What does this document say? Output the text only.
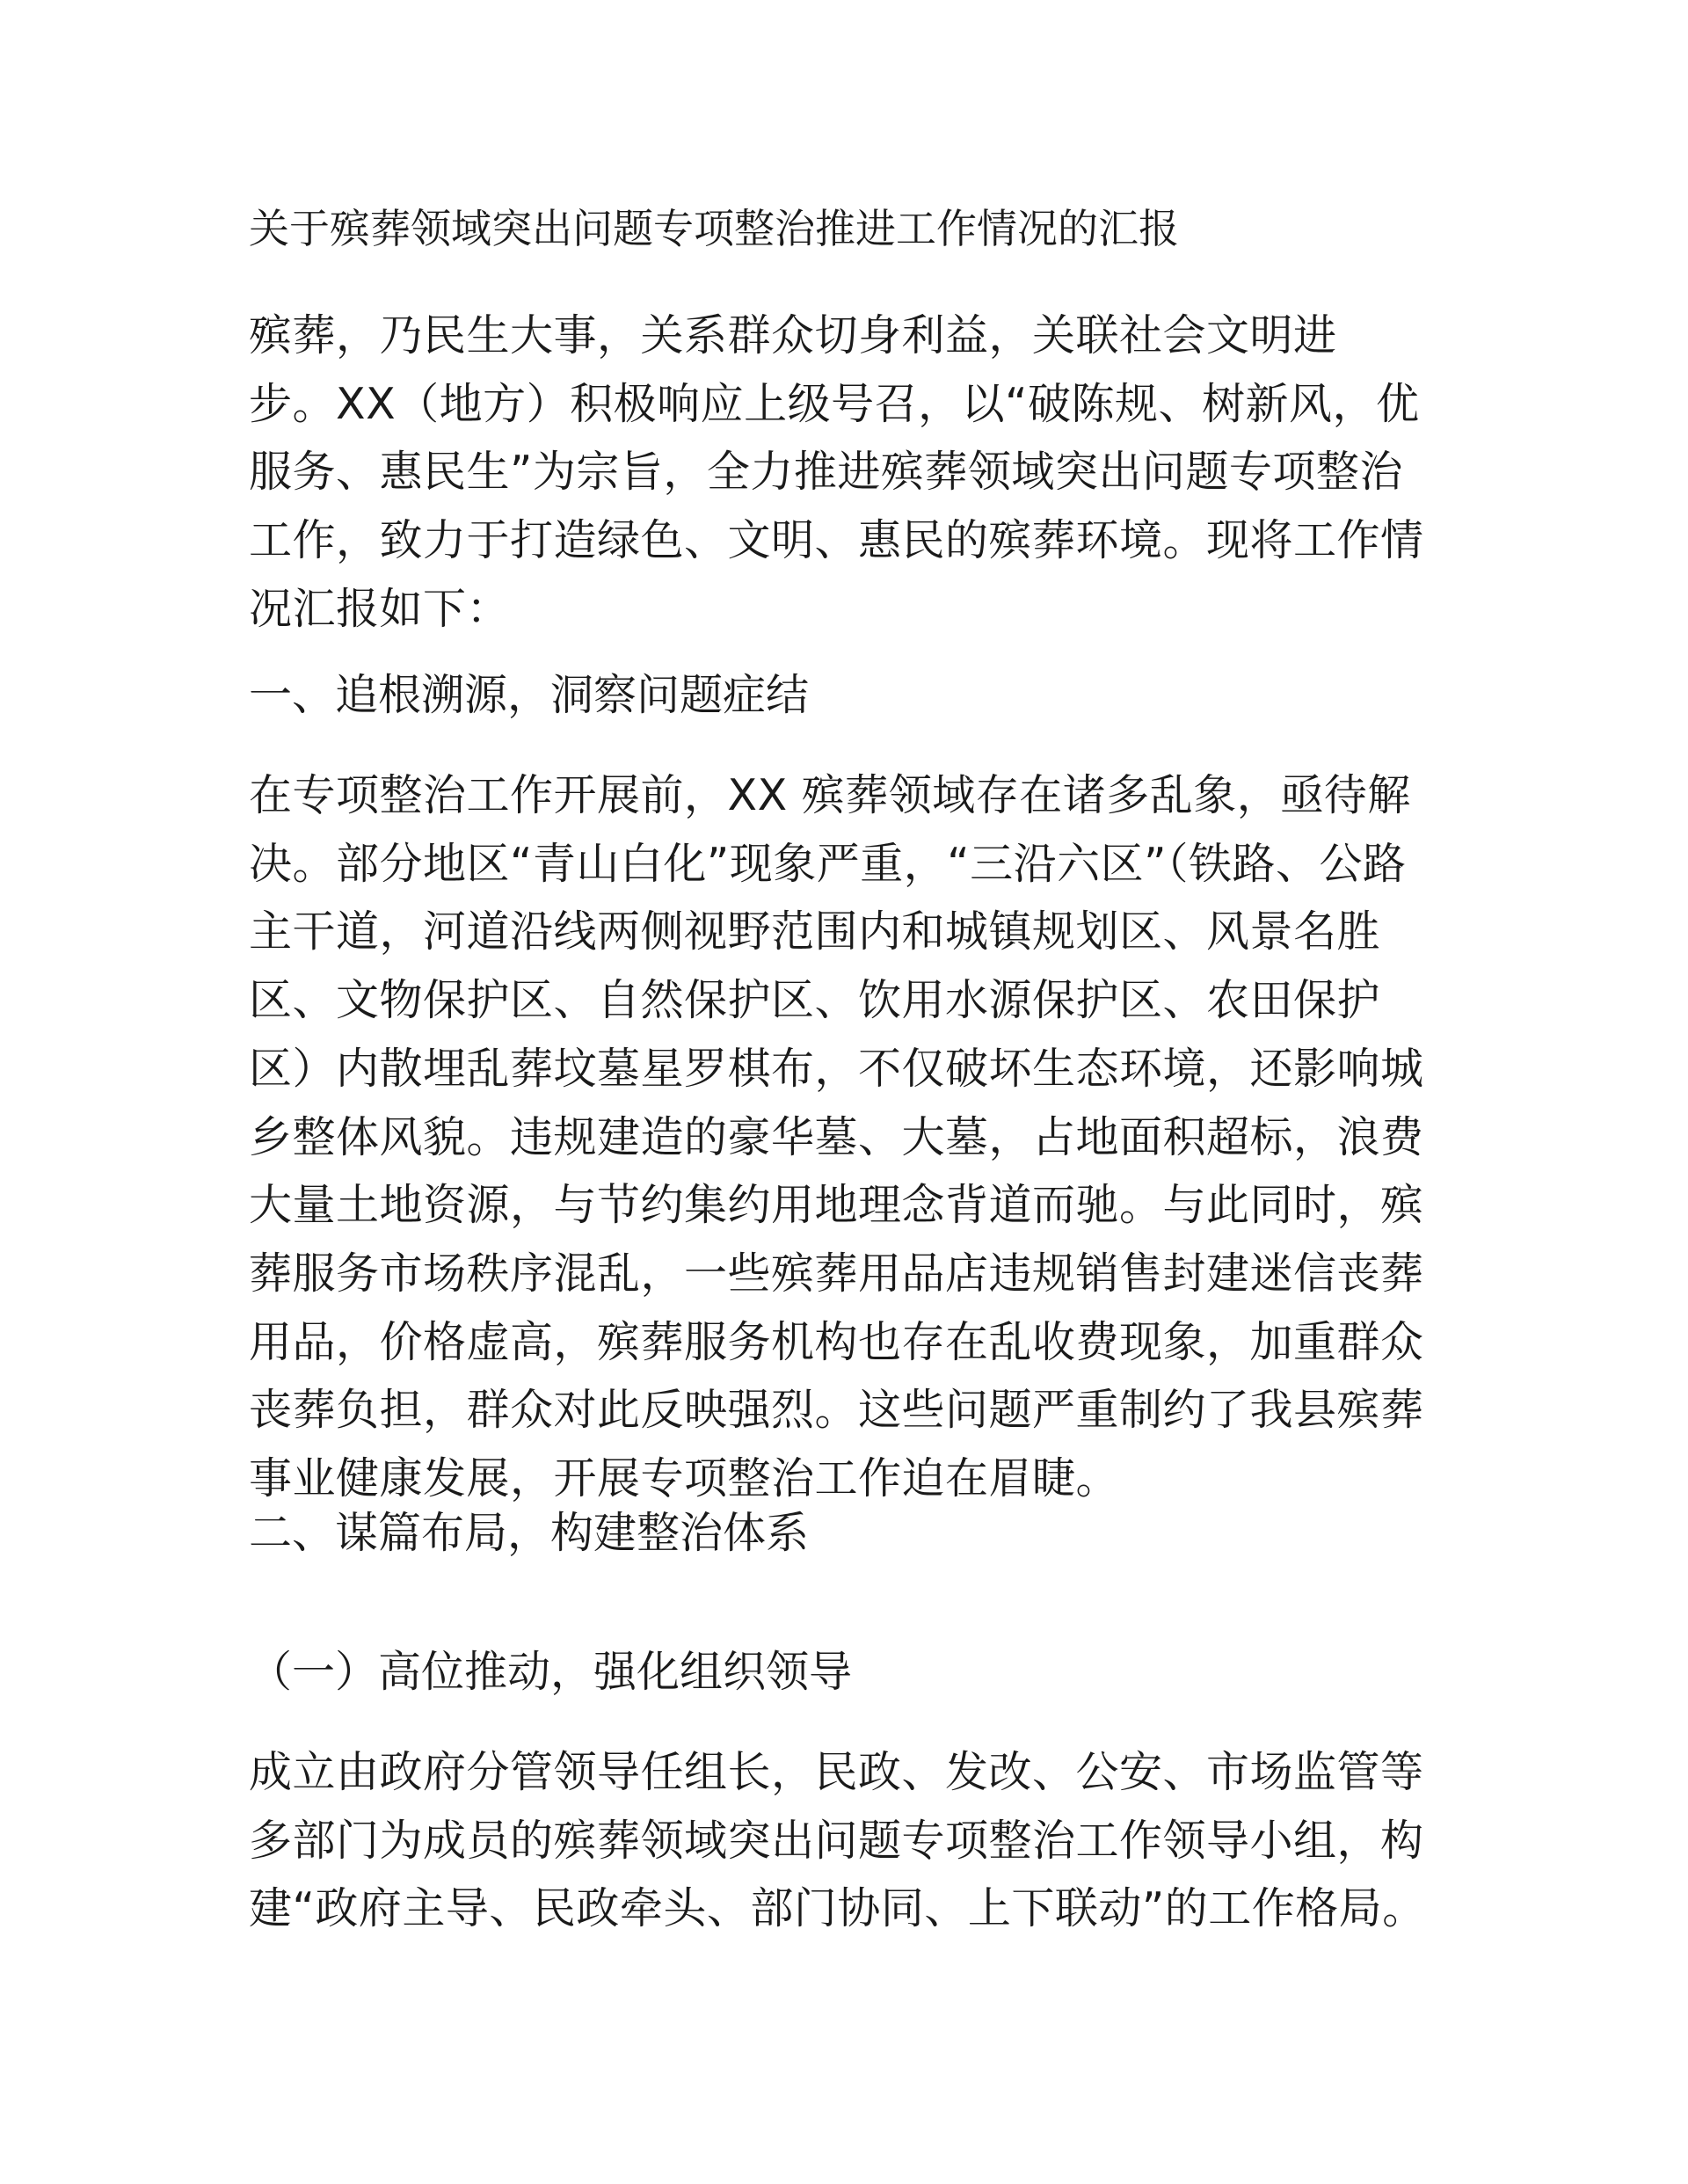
关于殡葬领域突出问题专项整治推进工作情况的汇报
殡葬，乃民生大事，关系群众切身利益，关联社会文明进
步。XX（地方）积极响应上级号召，以“破陈规、树新风，优
服务、惠民生”为宗旨，全力推进殡葬领域突出问题专项整治
工作，致力于打造绿色、文明、惠民的殡葬环境。现将工作情
况汇报如下：
一、追根溯源，洞察问题症结
在专项整治工作开展前，XX 殡葬领域存在诸多乱象，亟待解
决。部分地区“青山白化”现象严重，“三沿六区”（铁路、公路
主干道，河道沿线两侧视野范围内和城镇规划区、风景名胜
区、文物保护区、自然保护区、饮用水源保护区、农田保护
区）内散埋乱葬坟墓星罗棋布，不仅破坏生态环境，还影响城
乡整体风貌。违规建造的豪华墓、大墓，占地面积超标，浪费
大量土地资源，与节约集约用地理念背道而驰。与此同时，殡
葬服务市场秩序混乱，一些殡葬用品店违规销售封建迷信丧葬
用品，价格虚高，殡葬服务机构也存在乱收费现象，加重群众
丧葬负担，群众对此反映强烈。这些问题严重制约了我县殡葬
事业健康发展，开展专项整治工作迫在眉睫。
二、谋篇布局，构建整治体系
（一）高位推动，强化组织领导
成立由政府分管领导任组长，民政、发改、公安、市场监管等
多部门为成员的殡葬领域突出问题专项整治工作领导小组，构
建“政府主导、民政牵头、部门协同、上下联动”的工作格局。
